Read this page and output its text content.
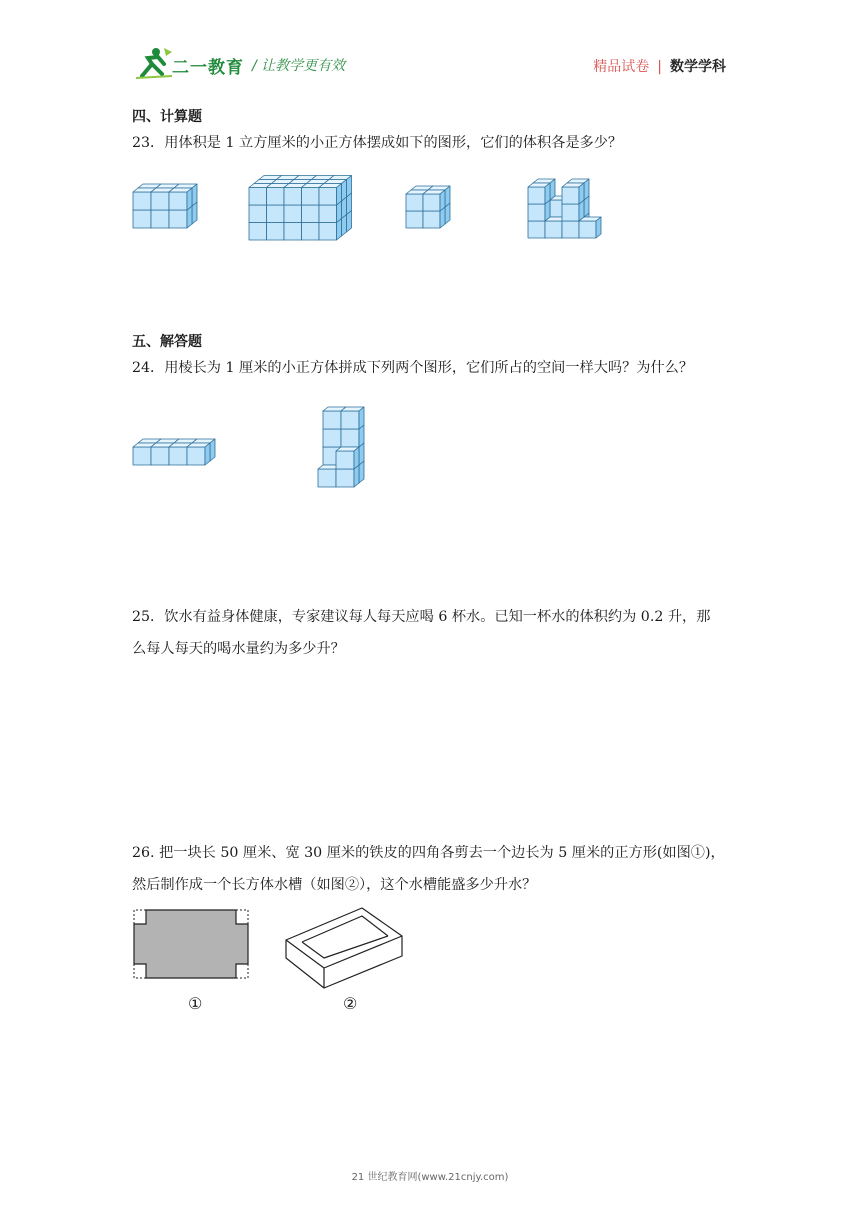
二一教育 / 让教学更有效	精品试卷 | 数学学科
四、计算题
23．用体积是 1 立方厘米的小正方体摆成如下的图形，它们的体积各是多少？
五、解答题
24．用棱长为 1 厘米的小正方体拼成下列两个图形，它们所占的空间一样大吗？为什么？
25．饮水有益身体健康，专家建议每人每天应喝 6 杯水。已知一杯水的体积约为 0.2 升，那
么每人每天的喝水量约为多少升？
26. 把一块长 50 厘米、宽 30 厘米的铁皮的四角各剪去一个边长为 5 厘米的正方形(如图①)，
然后制作成一个长方体水槽（如图②），这个水槽能盛多少升水？
①	②
21 世纪教育网(www.21cnjy.com)
